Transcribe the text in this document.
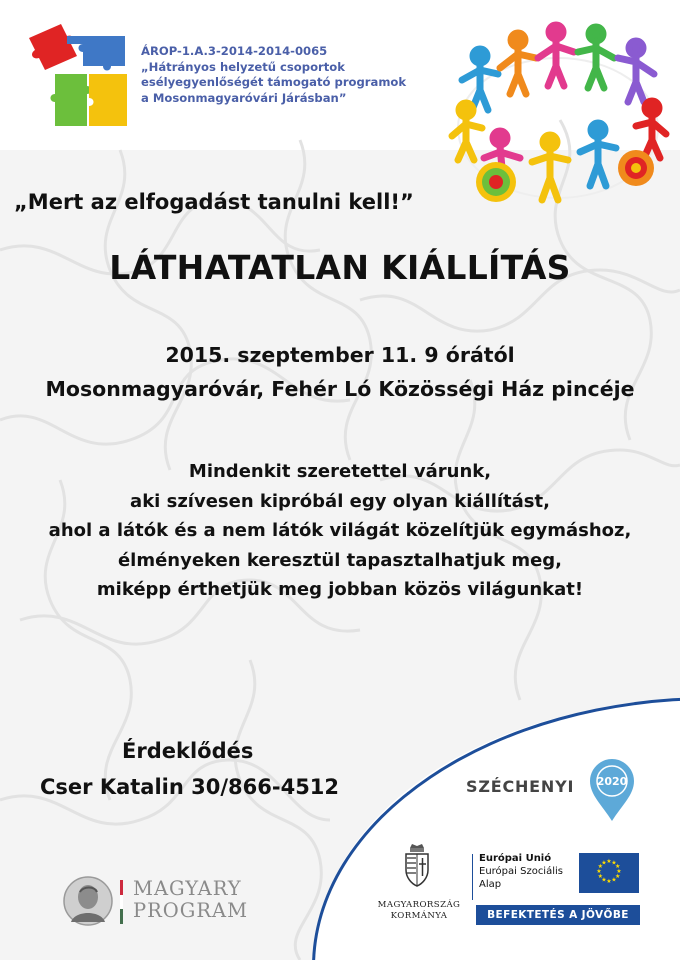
ÁROP-1.A.3-2014-2014-0065
„Hátrányos helyzetű csoportok
esélyegyenlőségét támogató programok
a Mosonmagyaróvári Járásban”
„Mert az elfogadást tanulni kell!”
LÁTHATATLAN KIÁLLÍTÁS
2015. szeptember 11. 9 órától
Mosonmagyaróvár, Fehér Ló Közösségi Ház pincéje
Mindenkit szeretettel várunk,
aki szívesen kipróbál egy olyan kiállítást,
ahol a látók és a nem látók világát közelítjük egymáshoz,
élményeken keresztül tapasztalhatjuk meg,
miképp érthetjük meg jobban közös világunkat!
Érdeklődés
Cser Katalin 30/866-4512
MAGYARY
PROGRAM
SZÉCHENYI 2020
MAGYARORSZÁG
KORMÁNYA
Európai Unió
Európai Szociális
Alap
★ ★
★
★
★
★
★
★
★
★
★
★
BEFEKTETÉS A JÖVŐBE
